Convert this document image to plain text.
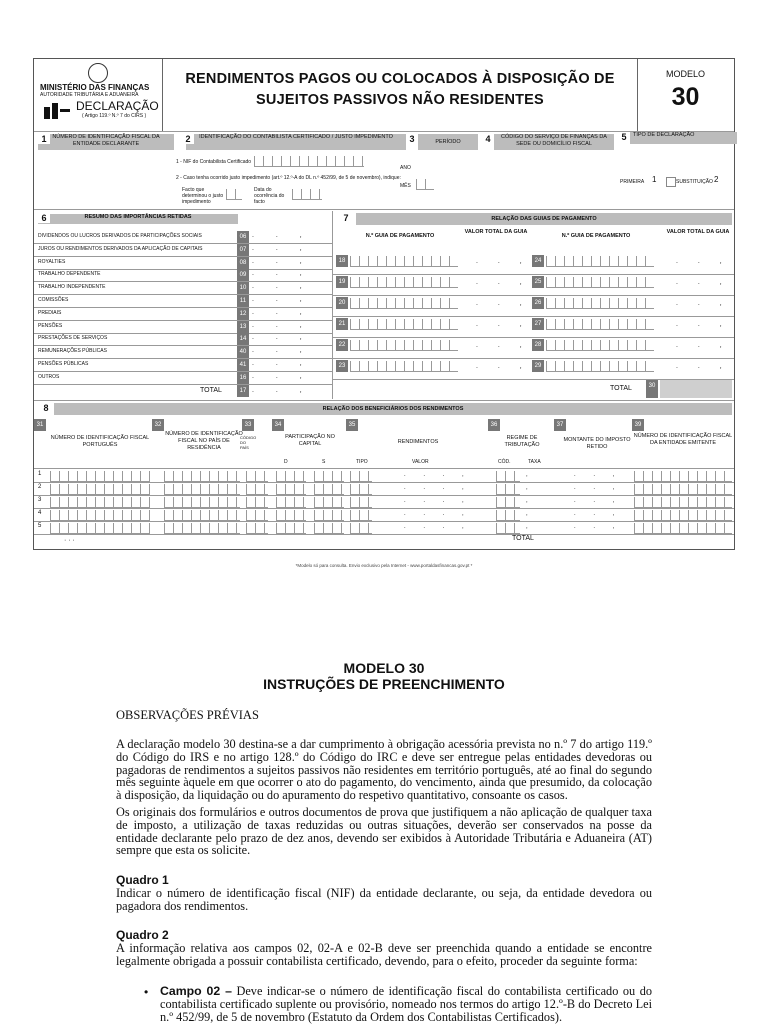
MINISTÉRIO DAS FINANÇAS
AUTORIDADE TRIBUTÁRIA E ADUANEIRA
DECLARAÇÃO
( Artigo 119.º N.º 7 do CIRS )
RENDIMENTOS PAGOS OU COLOCADOS À DISPOSIÇÃO DE
SUJEITOS PASSIVOS NÃO RESIDENTES
MODELO
30
NÚMERO DE IDENTIFICAÇÃO FISCAL DA ENTIDADE DECLARANTE
1	IDENTIFICAÇÃO DO CONTABILISTA CERTIFICADO / JUSTO IMPEDIMENTO
2	PERÍODO
3	CÓDIGO DO SERVIÇO DE FINANÇAS DA SEDE OU DOMICÍLIO FISCAL
4	TIPO DE DECLARAÇÃO
5
1 - NIF do Contabilista Certificado
2 - Caso tenha ocorrido justo impedimento (art.º 12.º-A do DL n.º 452/99, de 5 de novembro), indique:
Facto que determinou o justo impedimento
Data do ocorrência do facto
ANO
MÊS
PRIMEIRA 1	SUBSTITUIÇÃO 2
RESUMO DAS IMPORTÂNCIAS RETIDAS
6
DIVIDENDOS OU LUCROS DERIVADOS DE PARTICIPAÇÕES SOCIAIS	06 . . ,
JUROS OU RENDIMENTOS DERIVADOS DA APLICAÇÃO DE CAPITAIS	07 . . ,
ROYALTIES	08 . . ,
TRABALHO DEPENDENTE	09 . . ,
TRABALHO INDEPENDENTE	10 . . ,
COMISSÕES	11 . . ,
PREDIAIS	12 . . ,
PENSÕES	13 . . ,
PRESTAÇÕES DE SERVIÇOS	14 . . ,
REMUNERAÇÕES PÚBLICAS	40 . . ,
PENSÕES PÚBLICAS	41 . . ,
OUTROS	16 . . ,
TOTAL	17 . . ,
7	RELAÇÃO DAS GUIAS DE PAGAMENTO
N.º GUIA DE PAGAMENTO
VALOR TOTAL DA GUIA
N.º GUIA DE PAGAMENTO
VALOR TOTAL DA GUIA
18	. . , 24	. . ,
19	. . , 25	. . ,
20	. . , 26	. . ,
21	. . , 27	. . ,
22	. . , 28	. . ,
23	. . , 29	. . ,
TOTAL	30
8	RELAÇÃO DOS BENEFICIÁRIOS DOS RENDIMENTOS
31
NÚMERO DE IDENTIFICAÇÃO FISCAL PORTUGUÊS
32
NÚMERO DE IDENTIFICAÇÃO FISCAL NO PAÍS DE RESIDÊNCIA
33
CÓDIGO DO PAÍS
34
PARTICIPAÇÃO NO CAPITAL
D	S
35
RENDIMENTOS
TIPO	VALOR
36
REGIME DE TRIBUTAÇÃO
CÓD.	TAXA
37
MONTANTE DO IMPOSTO RETIDO
39
NÚMERO DE IDENTIFICAÇÃO FISCAL DA ENTIDADE EMITENTE
1	. . . ,	,	. . ,
2	. . . ,	,	. . ,
3	. . . ,	,	. . ,
4	. . . ,	,	. . ,
5	. . . ,	,	. . ,
· · ·	TOTAL
*Modelo só para consulta. Envio exclusivo pela Internet - www.portaldasfinancas.gov.pt *
MODELO 30
INSTRUÇÕES DE PREENCHIMENTO
OBSERVAÇÕES PRÉVIAS
A declaração modelo 30 destina-se a dar cumprimento à obrigação acessória prevista no n.º 7 do artigo 119.º do Código do IRS e no artigo 128.º do Código do IRC e deve ser entregue pelas entidades devedoras ou pagadoras de rendimentos a sujeitos passivos não residentes em território português, até ao final do segundo mês seguinte àquele em que ocorrer o ato do pagamento, do vencimento, ainda que presumido, da colocação à disposição, da liquidação ou do apuramento do respetivo quantitativo, consoante os casos.
Os originais dos formulários e outros documentos de prova que justifiquem a não aplicação de qualquer taxa de imposto, a utilização de taxas reduzidas ou outras situações, deverão ser conservados na posse da entidade declarante pelo prazo de dez anos, devendo ser exibidos à Autoridade Tributária e Aduaneira (AT) sempre que esta os solicite.
Quadro 1
Indicar o número de identificação fiscal (NIF) da entidade declarante, ou seja, da entidade devedora ou pagadora dos rendimentos.
Quadro 2
A informação relativa aos campos 02, 02-A e 02-B deve ser preenchida quando a entidade se encontre legalmente obrigada a possuir contabilista certificado, devendo, para o efeito, proceder da seguinte forma:
• Campo 02 – Deve indicar-se o número de identificação fiscal do contabilista certificado ou do contabilista certificado suplente ou provisório, nomeado nos termos do artigo 12.º-B do Decreto Lei n.º 452/99, de 5 de novembro (Estatuto da Ordem dos Contabilistas Certificados).
